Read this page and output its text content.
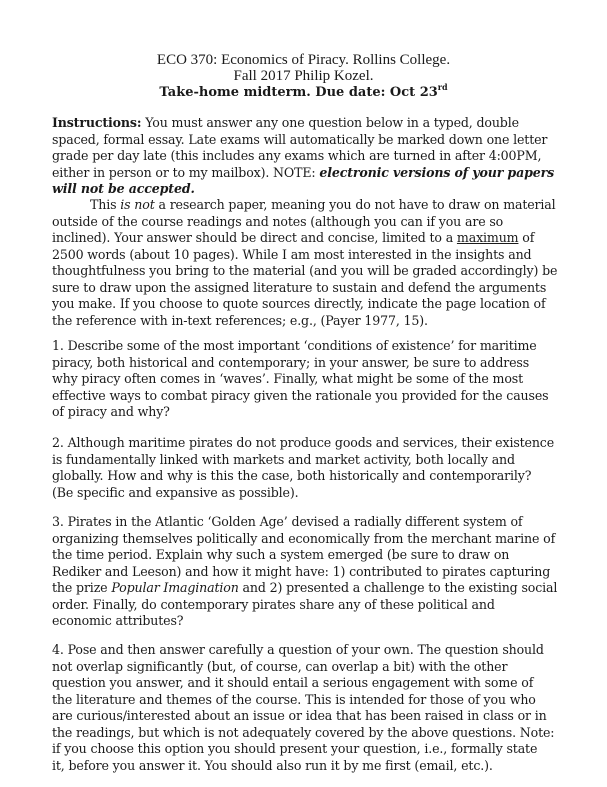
ECO 370: Economics of Piracy. Rollins College.
Fall 2017 Philip Kozel.
Take-home midterm. Due date: Oct 23rd
Instructions: You must answer any one question below in a typed, double
spaced, formal essay. Late exams will automatically be marked down one letter
grade per day late (this includes any exams which are turned in after 4:00PM,
either in person or to my mailbox). NOTE: electronic versions of your papers
will not be accepted.
This is not a research paper, meaning you do not have to draw on material
outside of the course readings and notes (although you can if you are so
inclined). Your answer should be direct and concise, limited to a maximum of
2500 words (about 10 pages). While I am most interested in the insights and
thoughtfulness you bring to the material (and you will be graded accordingly) be
sure to draw upon the assigned literature to sustain and defend the arguments
you make. If you choose to quote sources directly, indicate the page location of
the reference with in-text references; e.g., (Payer 1977, 15).
1. Describe some of the most important ‘conditions of existence’ for maritime
piracy, both historical and contemporary; in your answer, be sure to address
why piracy often comes in ‘waves’. Finally, what might be some of the most
effective ways to combat piracy given the rationale you provided for the causes
of piracy and why?
2. Although maritime pirates do not produce goods and services, their existence
is fundamentally linked with markets and market activity, both locally and
globally. How and why is this the case, both historically and contemporarily?
(Be specific and expansive as possible).
3. Pirates in the Atlantic ‘Golden Age’ devised a radially different system of
organizing themselves politically and economically from the merchant marine of
the time period. Explain why such a system emerged (be sure to draw on
Rediker and Leeson) and how it might have: 1) contributed to pirates capturing
the prize Popular Imagination and 2) presented a challenge to the existing social
order. Finally, do contemporary pirates share any of these political and
economic attributes?
4. Pose and then answer carefully a question of your own. The question should
not overlap significantly (but, of course, can overlap a bit) with the other
question you answer, and it should entail a serious engagement with some of
the literature and themes of the course. This is intended for those of you who
are curious/interested about an issue or idea that has been raised in class or in
the readings, but which is not adequately covered by the above questions. Note:
if you choose this option you should present your question, i.e., formally state
it, before you answer it. You should also run it by me first (email, etc.).
